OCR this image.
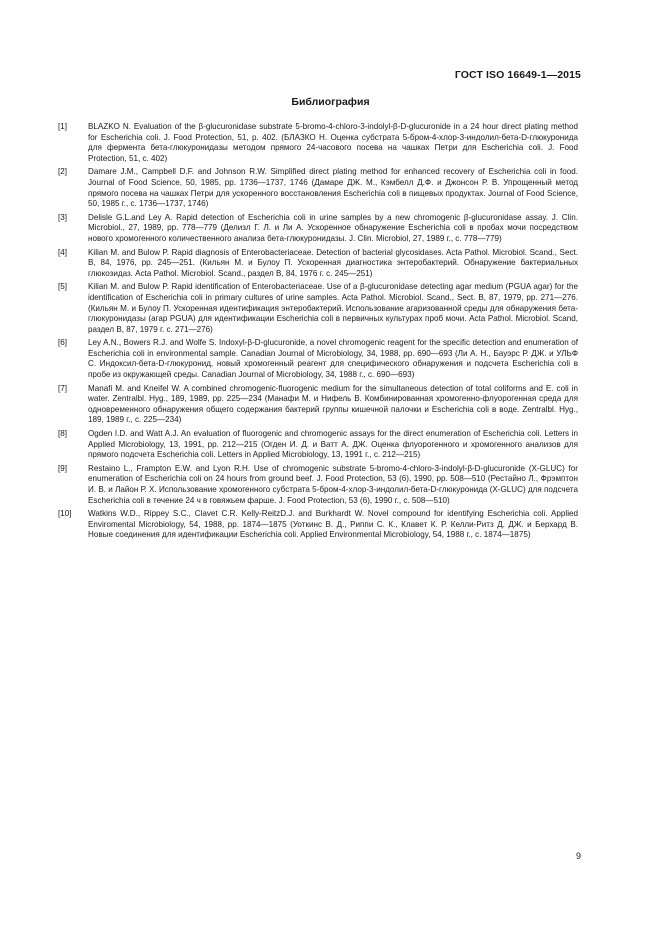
ГОСТ ISO 16649-1—2015
Библиография
[1]	BLAZKO N. Evaluation of the β-glucuronidase substrate 5-bromo-4-chloro-3-indolyl-β-D-glucuronide in a 24 hour direct plating method for Escherichia coli. J. Food Protection, 51, p. 402. (БЛАЗКО Н. Оценка субстрата 5-бром-4-хлор-3-индолил-бета-D-глюкуронида для фермента бета-глюкуронидазы методом прямого 24-часового посева на чашках Петри для Escherichia coli. J. Food Protection, 51, c. 402)
[2]	Damare J.M., Campbell D.F. and Johnson R.W. Simplified direct plating method for enhanced recovery of Escherichia coli in food. Journal of Food Science, 50, 1985, pp. 1736—1737, 1746 (Дамаре ДЖ. М., Кэмбелл Д.Ф. и Джонсон Р. В. Упрощенный метод прямого посева на чашках Петри для ускоренного восстановления Escherichia coli в пищевых продуктах. Journal of Food Science, 50, 1985 г., с. 1736—1737, 1746)
[3]	Delisle G.L.and Ley A. Rapid detection of Escherichia coli in urine samples by a new chromogenic β-glucuronidase assay. J. Clin. Microbiol., 27, 1989, pp. 778—779 (Делизл Г. Л. и Ли А. Ускоренное обнаружение Escherichia coli в пробах мочи посредством нового хромогенного количественного анализа бета-глюкуронидазы. J. Clin. Microbiol, 27, 1989 г., с. 778—779)
[4]	Kilian M. and Bulow P. Rapid diagnosis of Enterobacteriaceae. Detection of bacterial glycosidases. Acta Pathol. Microbiol. Scand., Sect. B, 84, 1976, pp. 245—251. (Кильян М. и Булоу П. Ускоренная диагностика энтеробактерий. Обнаружение бактериальных глюкозидаз. Acta Pathol. Microbiol. Scand., раздел B, 84, 1976 г. с. 245—251)
[5]	Kilian M. and Bulow P. Rapid identification of Enterobacteriaceae. Use of a β-glucuronidase detecting agar medium (PGUA agar) for the identification of Escherichia coli in primary cultures of urine samples. Acta Pathol. Microbiol. Scand., Sect. B, 87, 1979, pp. 271—276. (Кильян М. и Булоу П. Ускоренная идентификация энтеробактерий. Использование агаризованной среды для обнаружения бета-глюкуронидазы (агар PGUA) для идентификации Escherichia coli в первичных культурах проб мочи. Acta Pathol. Microbiol. Scand, раздел B, 87, 1979 г. с. 271—276)
[6]	Ley A.N., Bowers R.J. and Wolfe S. Indoxyl-β-D-glucuronide, a novel chromogenic reagent for the specific detection and enumeration of Escherichia coli in environmental sample. Canadian Journal of Microbiology, 34, 1988, pp. 690—693 (Ли А. Н., Бауэрс Р. ДЖ. и УЛЬФ С. Индоксил-бета-D-глюкуронид, новый хромогенный реагент для специфического обнаружения и подсчета Escherichia coli в пробе из окружающей среды. Canadian Journal of Microbiology, 34, 1988 г., с. 690—693)
[7]	Manafi M. and Kneifel W. A combined chromogenic-fluorogenic medium for the simultaneous detection of total coliforms and E. coli in water. Zentralbl. Hyg., 189, 1989, pp. 225—234 (Манафи М. и Нифель В. Комбинированная хромогенно-флуорогенная среда для одновременного обнаружения общего содержания бактерий группы кишечной палочки и Escherichia coli в воде. Zentralbl. Hyg., 189, 1989 г., с. 225—234)
[8]	Ogden I.D. and Watt A.J. An evaluation of fluorogenic and chromogenic assays for the direct enumeration of Escherichia coli. Letters in Applied Microbiology, 13, 1991, pp. 212—215 (Огден И. Д. и Ватт А. ДЖ. Оценка флуорогенного и хромогенного анализов для прямого подсчета Escherichia coli. Letters in Applied Microbiology, 13, 1991 г., с. 212—215)
[9]	Restaino L., Frampton E.W. and Lyon R.H. Use of chromogenic substrate 5-bromo-4-chloro-3-indolyl-β-D-glucuronide (X-GLUC) for enumeration of Escherichia coli on 24 hours from ground beef. J. Food Protection, 53 (6), 1990, pp. 508—510 (Рестайно Л., Фрэмптон И. В. и Лайон Р. Х. Использование хромогенного субстрата 5-бром-4-хлор-3-индолил-бета-D-глюкуронида (X-GLUC) для подсчета Escherichia coli в течение 24 ч в говяжьем фарше. J. Food Protection, 53 (6), 1990 г., с. 508—510)
[10]	Watkins W.D., Rippey S.C., Clavet C.R. Kelly-ReitzD.J. and Burkhardt W. Novel compound for identifying Escherichia coli. Applied Enviromental Microbiology, 54, 1988, pp. 1874—1875 (Уоткинс В. Д., Риппи С. К., Клавет К. Р. Келли-Ритз Д. ДЖ. и Берхард В. Новые соединения для идентификации Escherichia coli. Applied Environmental Microbiology, 54, 1988 г., с. 1874—1875)
9
